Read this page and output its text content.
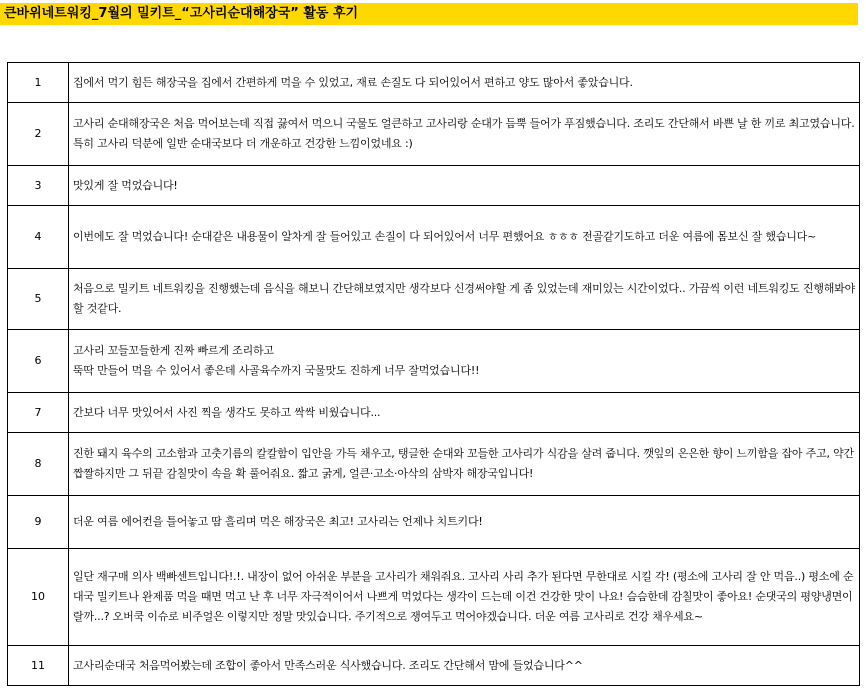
큰바위네트워킹_7월의 밀키트_“고사리순대해장국” 활동 후기
1	집에서 먹기 힘든 해장국을 집에서 간편하게 먹을 수 있었고, 재료 손질도 다 되어있어서 편하고 양도 많아서 좋았습니다.
2	고사리 순대해장국은 처음 먹어보는데 직접 끓여서 먹으니 국물도 얼큰하고 고사리랑 순대가 듬뿍 들어가 푸짐했습니다. 조리도 간단해서 바쁜 날 한 끼로 최고였습니다. 특히 고사리 덕분에 일반 순대국보다 더 개운하고 건강한 느낌이었네요 :)
3	맛있게 잘 먹었습니다!
4	이번에도 잘 먹었습니다! 순대같은 내용물이 알차게 잘 들어있고 손질이 다 되어있어서 너무 편했어요 ㅎㅎㅎ 전골같기도하고 더운 여름에 몸보신 잘 했습니다~
5	처음으로 밀키트 네트워킹을 진행했는데 음식을 해보니 간단해보였지만 생각보다 신경써야할 게 좀 있었는데 재미있는 시간이었다.. 가끔씩 이런 네트워킹도 진행해봐야할 것같다.
6	고사리 꼬들꼬들한게 진짜 빠르게 조리하고
뚝딱 만들어 먹을 수 있어서 좋은데 사골육수까지 국물맛도 진하게 너무 잘먹었습니다!!
7	간보다 너무 맛있어서 사진 찍을 생각도 못하고 싹싹 비웠습니다...
8	진한 돼지 육수의 고소함과 고춧기름의 칼칼함이 입안을 가득 채우고, 탱글한 순대와 꼬들한 고사리가 식감을 살려 줍니다. 깻잎의 은은한 향이 느끼함을 잡아 주고, 약간 짭짤하지만 그 뒤끝 감칠맛이 속을 확 풀어줘요. 짧고 굵게, 얼큰·고소·아삭의 삼박자 해장국입니다!
9	더운 여름 에어컨을 틀어놓고 땀 흘리며 먹은 해장국은 최고! 고사리는 언제나 치트키다!
10	일단 재구매 의사 백빠센트입니다!.!. 내장이 없어 아쉬운 부분을 고사리가 채워줘요. 고사리 사리 추가 된다면 무한대로 시킬 각! (평소에 고사리 잘 안 먹음..) 평소에 순대국 밀키트나 완제품 먹을 때면 먹고 난 후 너무 자극적이어서 나쁘게 먹었다는 생각이 드는데 이건 건강한 맛이 나요! 슴슴한데 감칠맛이 좋아요! 순댓국의 평양냉면이랄까...? 오버쿡 이슈로 비주얼은 이렇지만 정말 맛있습니다. 주기적으로 쟁여두고 먹어야겠습니다. 더운 여름 고사리로 건강 채우세요~
11	고사리순대국 처음먹어봤는데 조합이 좋아서 만족스러운 식사했습니다. 조리도 간단해서 맘에 들었습니다^^
